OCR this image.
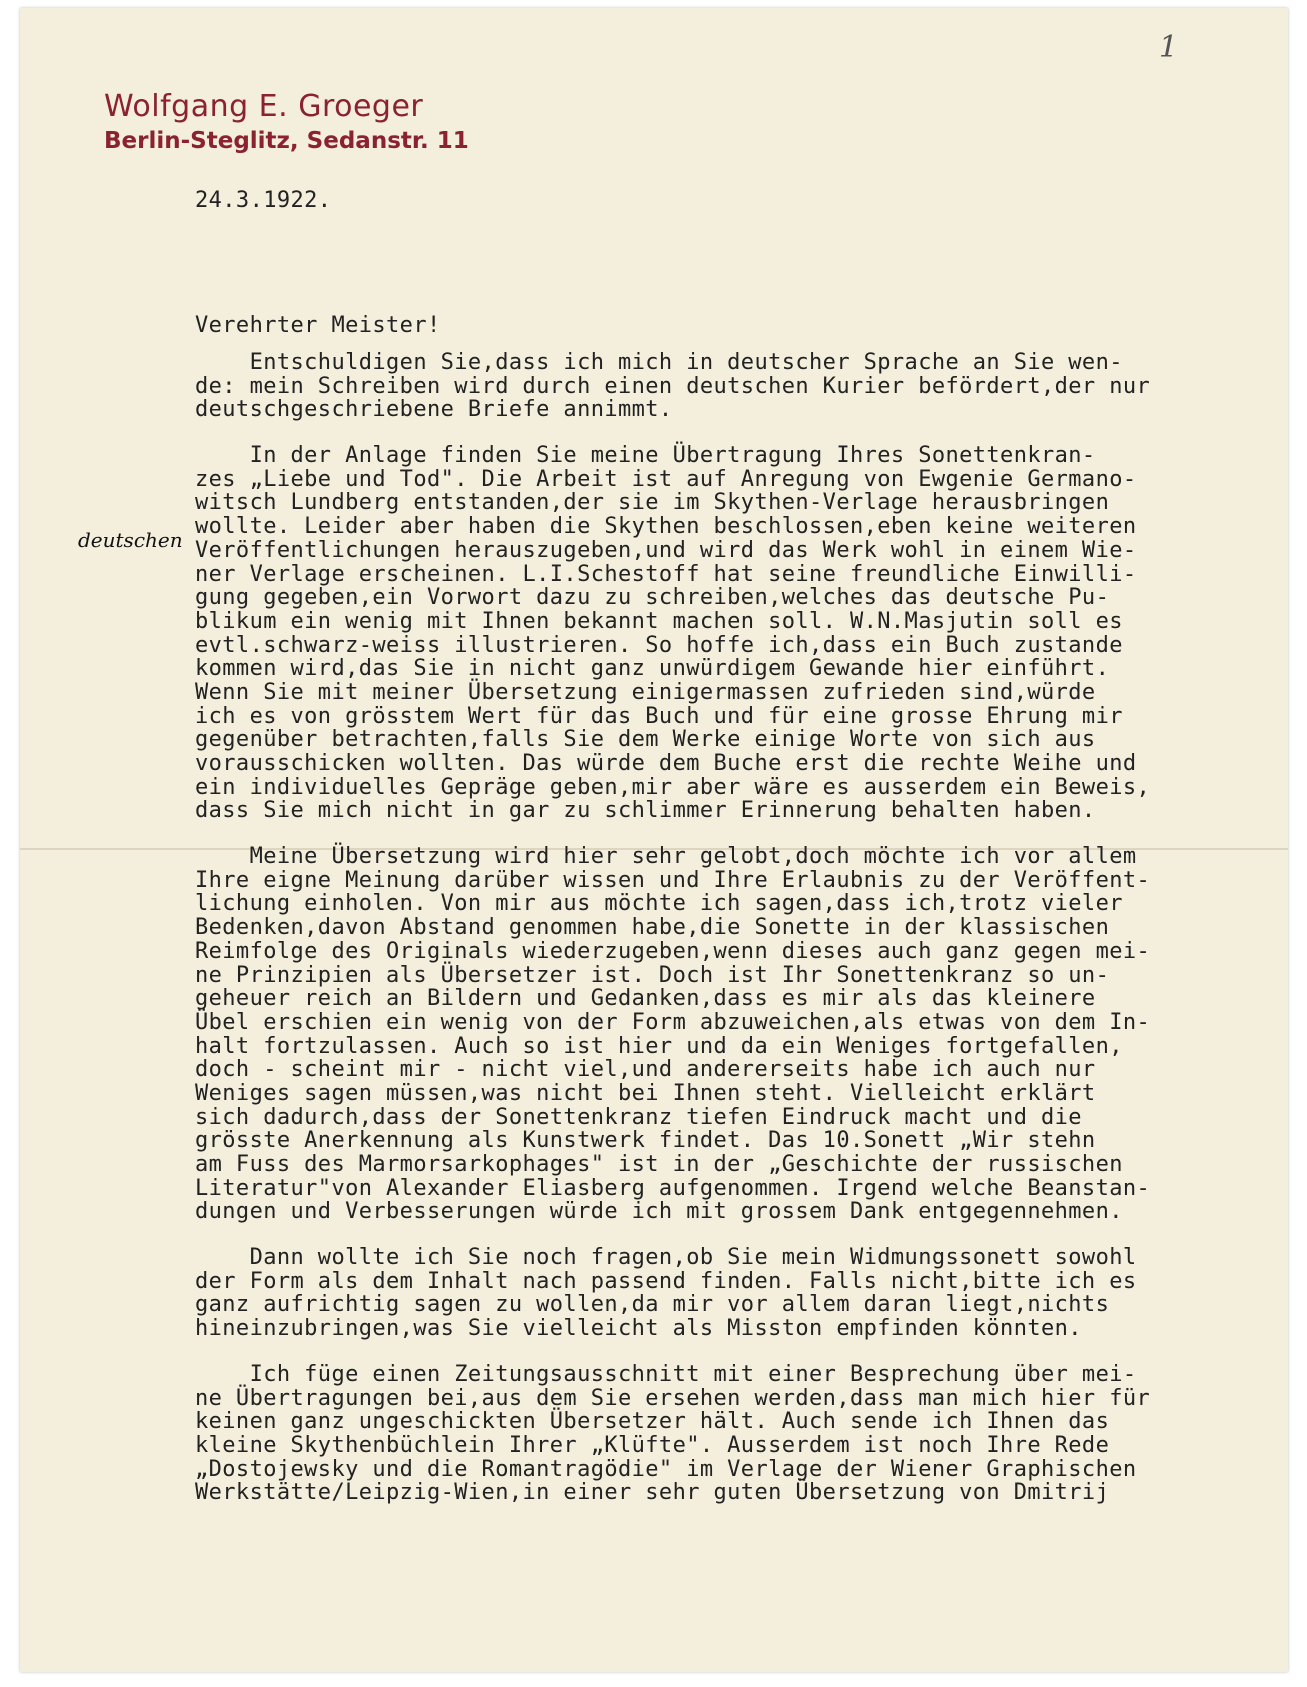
1
Wolfgang E. Groeger
Berlin-Steglitz, Sedanstr. 11
24.3.1922.
Verehrter Meister!
deutschen
Entschuldigen Sie,dass ich mich in deutscher Sprache an Sie wen-
de: mein Schreiben wird durch einen deutschen Kurier befördert,der nur
deutschgeschriebene Briefe annimmt.
In der Anlage finden Sie meine Übertragung Ihres Sonettenkran-
zes „Liebe und Tod". Die Arbeit ist auf Anregung von Ewgenie Germano-
witsch Lundberg entstanden,der sie im Skythen-Verlage herausbringen
wollte. Leider aber haben die Skythen beschlossen,eben keine weiteren
Veröffentlichungen herauszugeben,und wird das Werk wohl in einem Wie-
ner Verlage erscheinen. L.I.Schestoff hat seine freundliche Einwilli-
gung gegeben,ein Vorwort dazu zu schreiben,welches das deutsche Pu-
blikum ein wenig mit Ihnen bekannt machen soll. W.N.Masjutin soll es
evtl.schwarz-weiss illustrieren. So hoffe ich,dass ein Buch zustande
kommen wird,das Sie in nicht ganz unwürdigem Gewande hier einführt.
Wenn Sie mit meiner Übersetzung einigermassen zufrieden sind,würde
ich es von grösstem Wert für das Buch und für eine grosse Ehrung mir
gegenüber betrachten,falls Sie dem Werke einige Worte von sich aus
vorausschicken wollten. Das würde dem Buche erst die rechte Weihe und
ein individuelles Gepräge geben,mir aber wäre es ausserdem ein Beweis,
dass Sie mich nicht in gar zu schlimmer Erinnerung behalten haben.
Meine Übersetzung wird hier sehr gelobt,doch möchte ich vor allem
Ihre eigne Meinung darüber wissen und Ihre Erlaubnis zu der Veröffent-
lichung einholen. Von mir aus möchte ich sagen,dass ich,trotz vieler
Bedenken,davon Abstand genommen habe,die Sonette in der klassischen
Reimfolge des Originals wiederzugeben,wenn dieses auch ganz gegen mei-
ne Prinzipien als Übersetzer ist. Doch ist Ihr Sonettenkranz so un-
geheuer reich an Bildern und Gedanken,dass es mir als das kleinere
Übel erschien ein wenig von der Form abzuweichen,als etwas von dem In-
halt fortzulassen. Auch so ist hier und da ein Weniges fortgefallen,
doch - scheint mir - nicht viel,und andererseits habe ich auch nur
Weniges sagen müssen,was nicht bei Ihnen steht. Vielleicht erklärt
sich dadurch,dass der Sonettenkranz tiefen Eindruck macht und die
grösste Anerkennung als Kunstwerk findet. Das 10.Sonett „Wir stehn
am Fuss des Marmorsarkophages" ist in der „Geschichte der russischen
Literatur"von Alexander Eliasberg aufgenommen. Irgend welche Beanstan-
dungen und Verbesserungen würde ich mit grossem Dank entgegennehmen.
Dann wollte ich Sie noch fragen,ob Sie mein Widmungssonett sowohl
der Form als dem Inhalt nach passend finden. Falls nicht,bitte ich es
ganz aufrichtig sagen zu wollen,da mir vor allem daran liegt,nichts
hineinzubringen,was Sie vielleicht als Misston empfinden könnten.
Ich füge einen Zeitungsausschnitt mit einer Besprechung über mei-
ne Übertragungen bei,aus dem Sie ersehen werden,dass man mich hier für
keinen ganz ungeschickten Übersetzer hält. Auch sende ich Ihnen das
kleine Skythenbüchlein Ihrer „Klüfte". Ausserdem ist noch Ihre Rede
„Dostojewsky und die Romantragödie" im Verlage der Wiener Graphischen
Werkstätte/Leipzig-Wien,in einer sehr guten Übersetzung von Dmitrij
